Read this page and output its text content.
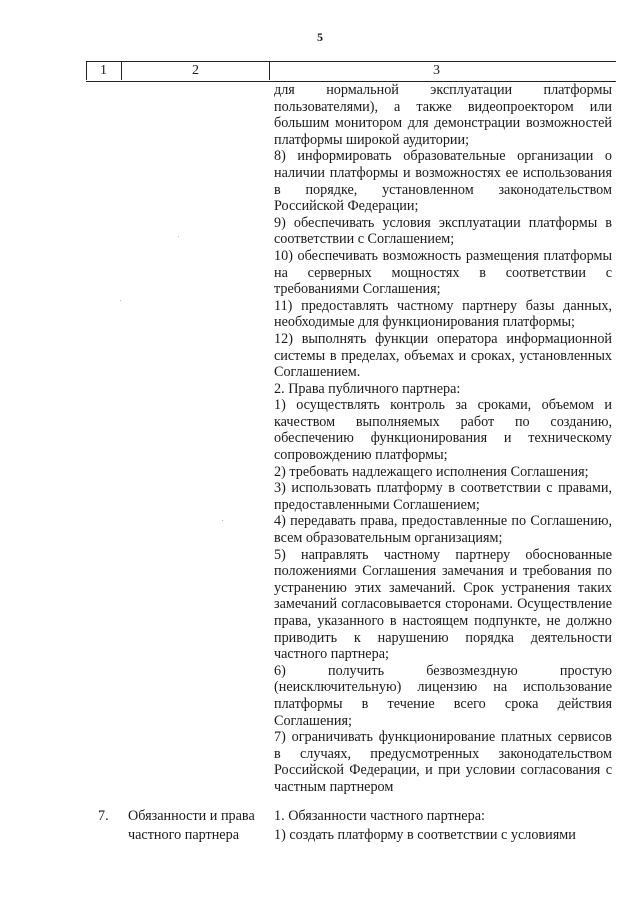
5
1	2	3

для нормальной эксплуатации платформы пользователями), а также видеопроектором или большим монитором для демонстрации возможностей платформы широкой аудитории;

8) информировать образовательные организации о наличии платформы и возможностях ее использования в порядке, установленном законодательством Российской Федерации;

9) обеспечивать условия эксплуатации платформы в соответствии с Соглашением;

10) обеспечивать возможность размещения платформы на серверных мощностях в соответствии с требованиями Соглашения;

11) предоставлять частному партнеру базы данных, необходимые для функционирования платформы;

12) выполнять функции оператора информационной системы в пределах, объемах и сроках, установленных Соглашением.

2. Права публичного партнера:

1) осуществлять контроль за сроками, объемом и качеством выполняемых работ по созданию, обеспечению функционирования и техническому сопровождению платформы;

2) требовать надлежащего исполнения Соглашения;

3) использовать платформу в соответствии с правами, предоставленными Соглашением;

4) передавать права, предоставленные по Соглашению, всем образовательным организациям;

5) направлять частному партнеру обоснованные положениями Соглашения замечания и требования по устранению этих замечаний. Срок устранения таких замечаний согласовывается сторонами. Осуществление права, указанного в настоящем подпункте, не должно приводить к нарушению порядка деятельности частного партнера;

6) получить безвозмездную простую (неисключительную) лицензию на использование платформы в течение всего срока действия Соглашения;

7) ограничивать функционирование платных сервисов в случаях, предусмотренных законодательством Российской Федерации, и при условии согласования с частным партнером

7. Обязанности и права
частного партнера

1. Обязанности частного партнера:

1) создать платформу в соответствии с условиями
